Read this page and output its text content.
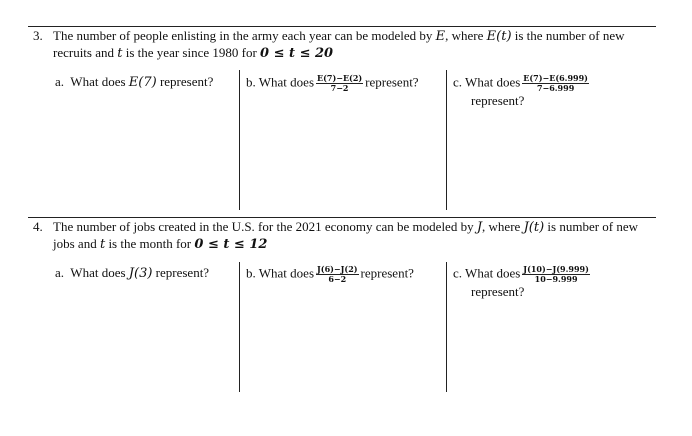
3. The number of people enlisting in the army each year can be modeled by E, where E(t) is the number of new
recruits and t is the year since 1980 for 0 ≤ t ≤ 20
a. What does E(7) represent?	b. What does $\frac{E(7)-E(2)}{7-2}$ represent?	c. What does $\frac{E(7)-E(6.999)}{7-6.999}$

represent?
4. The number of jobs created in the U.S. for the 2021 economy can be modeled by J, where J(t) is number of new
jobs and t is the month for 0 ≤ t ≤ 12
a. What does J(3) represent?	b. What does $\frac{J(6)-J(2)}{6-2}$ represent?	c. What does $\frac{J(10)-J(9.999)}{10-9.999}$

represent?
